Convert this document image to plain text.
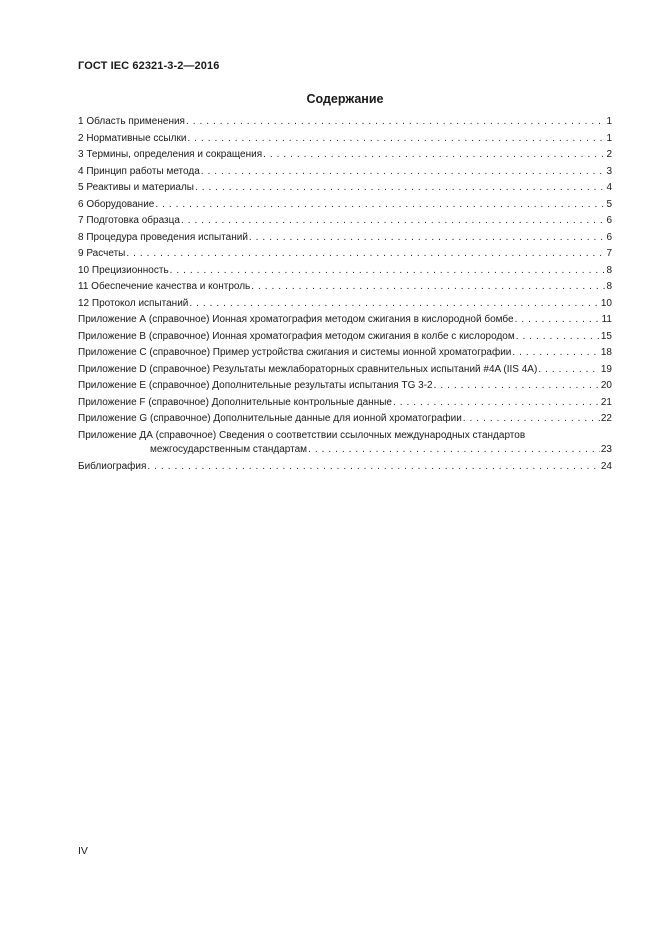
ГОСТ IEC 62321-3-2—2016
Содержание
1 Область применения . . .	1
2 Нормативные ссылки . . .	1
3 Термины, определения и сокращения . . .	2
4 Принцип работы метода . . .	3
5 Реактивы и материалы . . .	4
6 Оборудование . . .	5
7 Подготовка образца . . .	6
8 Процедура проведения испытаний . . .	6
9 Расчеты . . .	7
10 Прецизионность . . .	8
11 Обеспечение качества и контроль . . .	8
12 Протокол испытаний . . .	10
Приложение А (справочное) Ионная хроматография методом сжигания в кислородной бомбе . . .	11
Приложение В (справочное) Ионная хроматография методом сжигания в колбе с кислородом . . .	15
Приложение С (справочное) Пример устройства сжигания и системы ионной хроматографии . . .	18
Приложение D (справочное) Результаты межлабораторных сравнительных испытаний #4A (IIS 4A) . . .	19
Приложение Е (справочное) Дополнительные результаты испытания TG 3-2 . . .	20
Приложение F (справочное) Дополнительные контрольные данные . . .	21
Приложение G (справочное) Дополнительные данные для ионной хроматографии . . .	22
Приложение ДА (справочное) Сведения о соответствии ссылочных международных стандартов
межгосударственным стандартам . . .	23
Библиография . . .	24
IV
